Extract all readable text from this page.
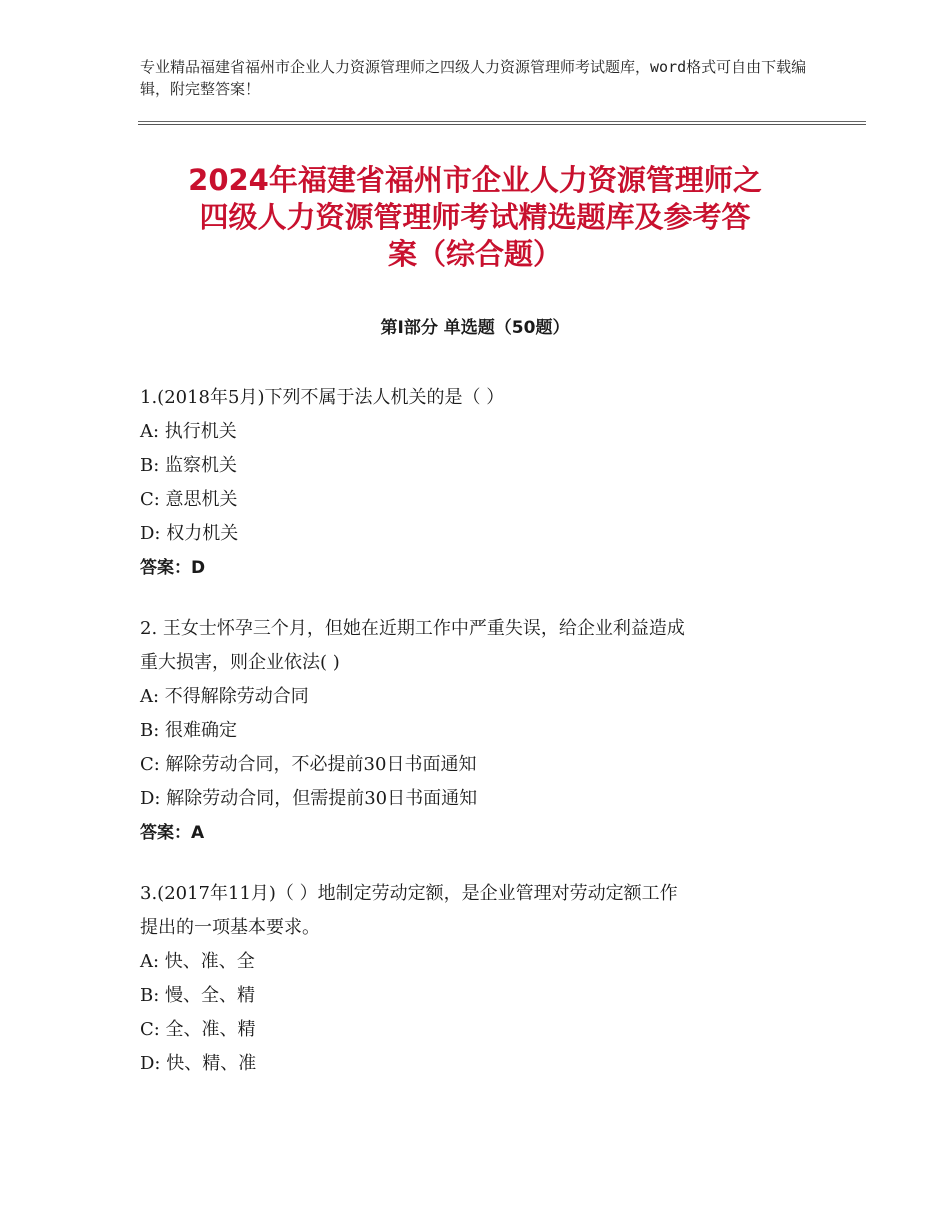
专业精品福建省福州市企业人力资源管理师之四级人力资源管理师考试题库，word格式可自由下载编辑，附完整答案！
2024年福建省福州市企业人力资源管理师之
四级人力资源管理师考试精选题库及参考答
案（综合题）
第Ⅰ部分 单选题（50题）
1.(2018年5月)下列不属于法人机关的是（ ）
A: 执行机关
B: 监察机关
C: 意思机关
D: 权力机关
答案：D
2. 王女士怀孕三个月，但她在近期工作中严重失误，给企业利益造成
重大损害，则企业依法( )
A: 不得解除劳动合同
B: 很难确定
C: 解除劳动合同，不必提前30日书面通知
D: 解除劳动合同，但需提前30日书面通知
答案：A
3.(2017年11月)（ ）地制定劳动定额，是企业管理对劳动定额工作
提出的一项基本要求。
A: 快、准、全
B: 慢、全、精
C: 全、准、精
D: 快、精、准
